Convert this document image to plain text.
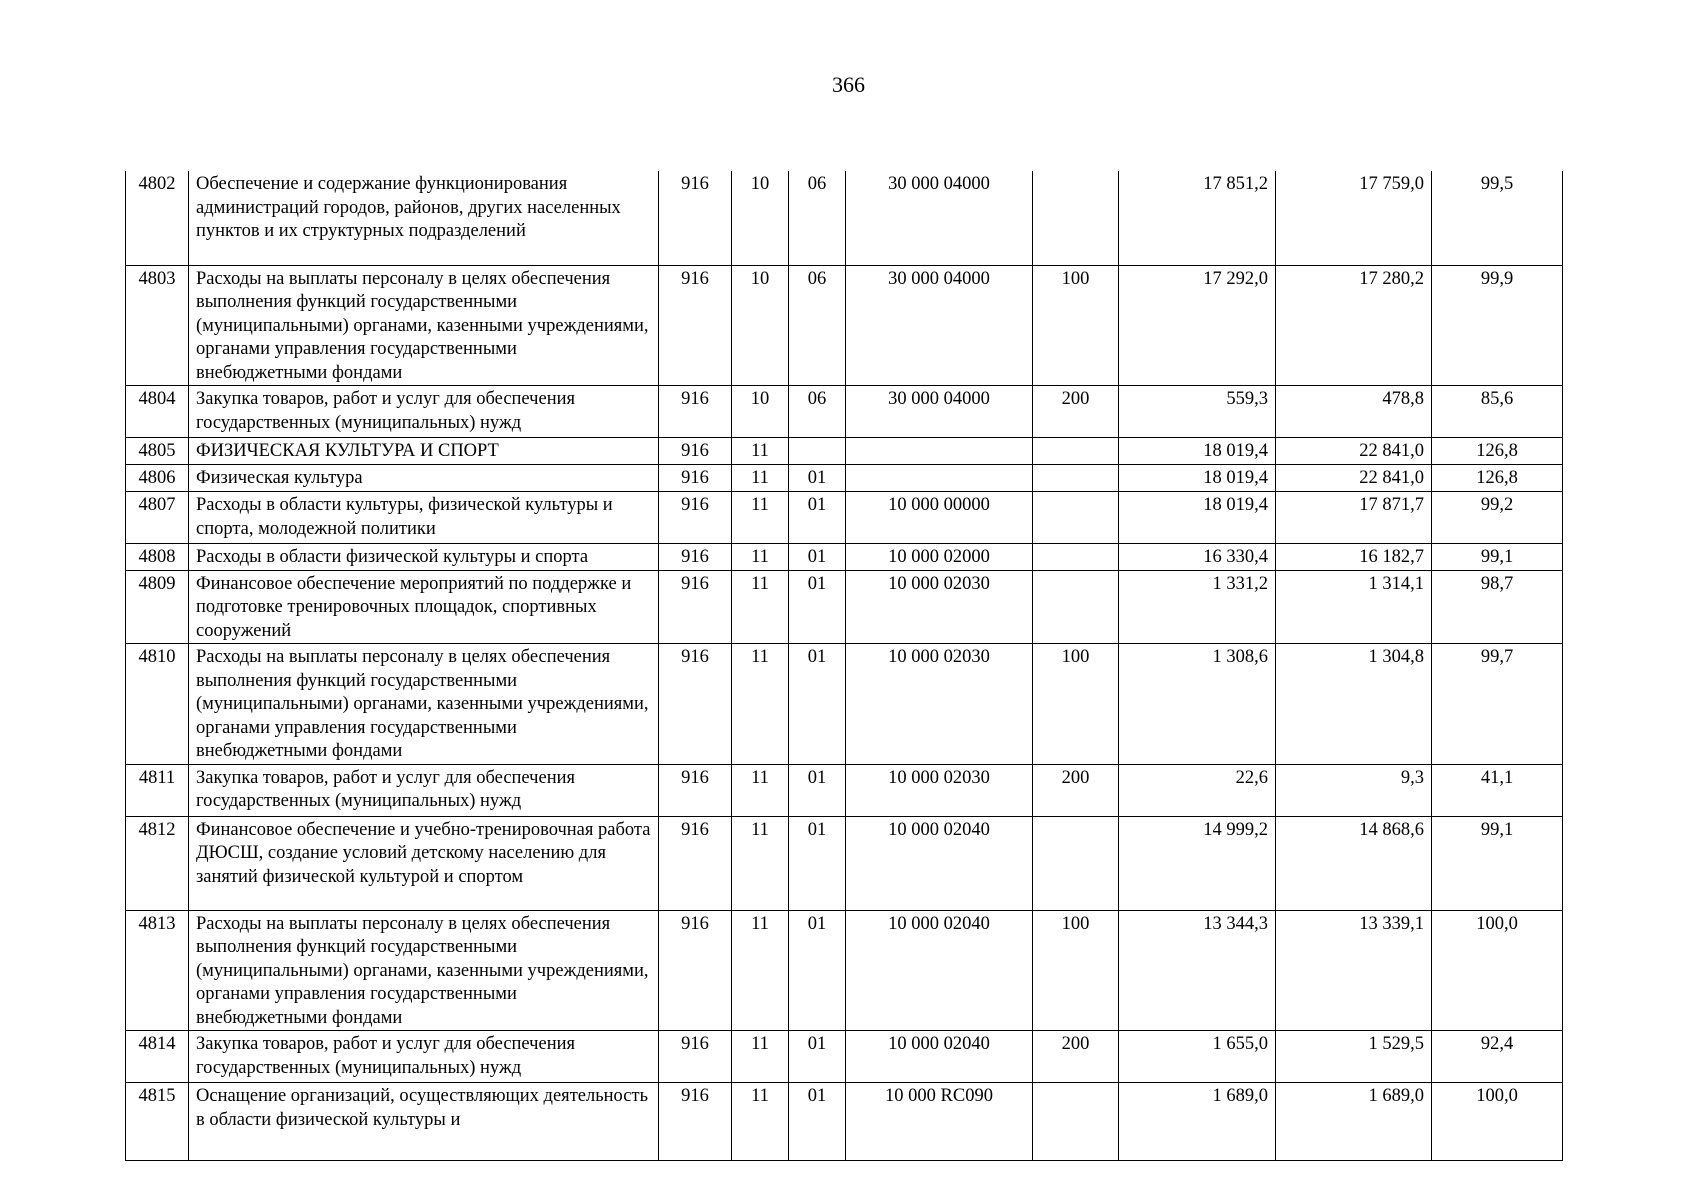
366
4802	Обеспечение и содержание функционирования администраций городов, районов, других населенных пунктов и их структурных подразделений	916	10	06	30 000 04000		17 851,2	17 759,0	99,5
4803	Расходы на выплаты персоналу в целях обеспечения выполнения функций государственными (муниципальными) органами, казенными учреждениями, органами управления государственными внебюджетными фондами	916	10	06	30 000 04000	100	17 292,0	17 280,2	99,9
4804	Закупка товаров, работ и услуг для обеспечения государственных (муниципальных) нужд	916	10	06	30 000 04000	200	559,3	478,8	85,6
4805	ФИЗИЧЕСКАЯ КУЛЬТУРА И СПОРТ	916	11				18 019,4	22 841,0	126,8
4806	Физическая культура	916	11	01			18 019,4	22 841,0	126,8
4807	Расходы в области культуры, физической культуры и спорта, молодежной политики	916	11	01	10 000 00000		18 019,4	17 871,7	99,2
4808	Расходы в области физической культуры и спорта	916	11	01	10 000 02000		16 330,4	16 182,7	99,1
4809	Финансовое обеспечение мероприятий по поддержке и подготовке тренировочных площадок, спортивных сооружений	916	11	01	10 000 02030		1 331,2	1 314,1	98,7
4810	Расходы на выплаты персоналу в целях обеспечения выполнения функций государственными (муниципальными) органами, казенными учреждениями, органами управления государственными внебюджетными фондами	916	11	01	10 000 02030	100	1 308,6	1 304,8	99,7
4811	Закупка товаров, работ и услуг для обеспечения государственных (муниципальных) нужд	916	11	01	10 000 02030	200	22,6	9,3	41,1
4812	Финансовое обеспечение и учебно-тренировочная работа ДЮСШ, создание условий детскому населению для занятий физической культурой и спортом	916	11	01	10 000 02040		14 999,2	14 868,6	99,1
4813	Расходы на выплаты персоналу в целях обеспечения выполнения функций государственными (муниципальными) органами, казенными учреждениями, органами управления государственными внебюджетными фондами	916	11	01	10 000 02040	100	13 344,3	13 339,1	100,0
4814	Закупка товаров, работ и услуг для обеспечения государственных (муниципальных) нужд	916	11	01	10 000 02040	200	1 655,0	1 529,5	92,4
4815	Оснащение организаций, осуществляющих деятельность в области физической культуры и	916	11	01	10 000 RC090		1 689,0	1 689,0	100,0
